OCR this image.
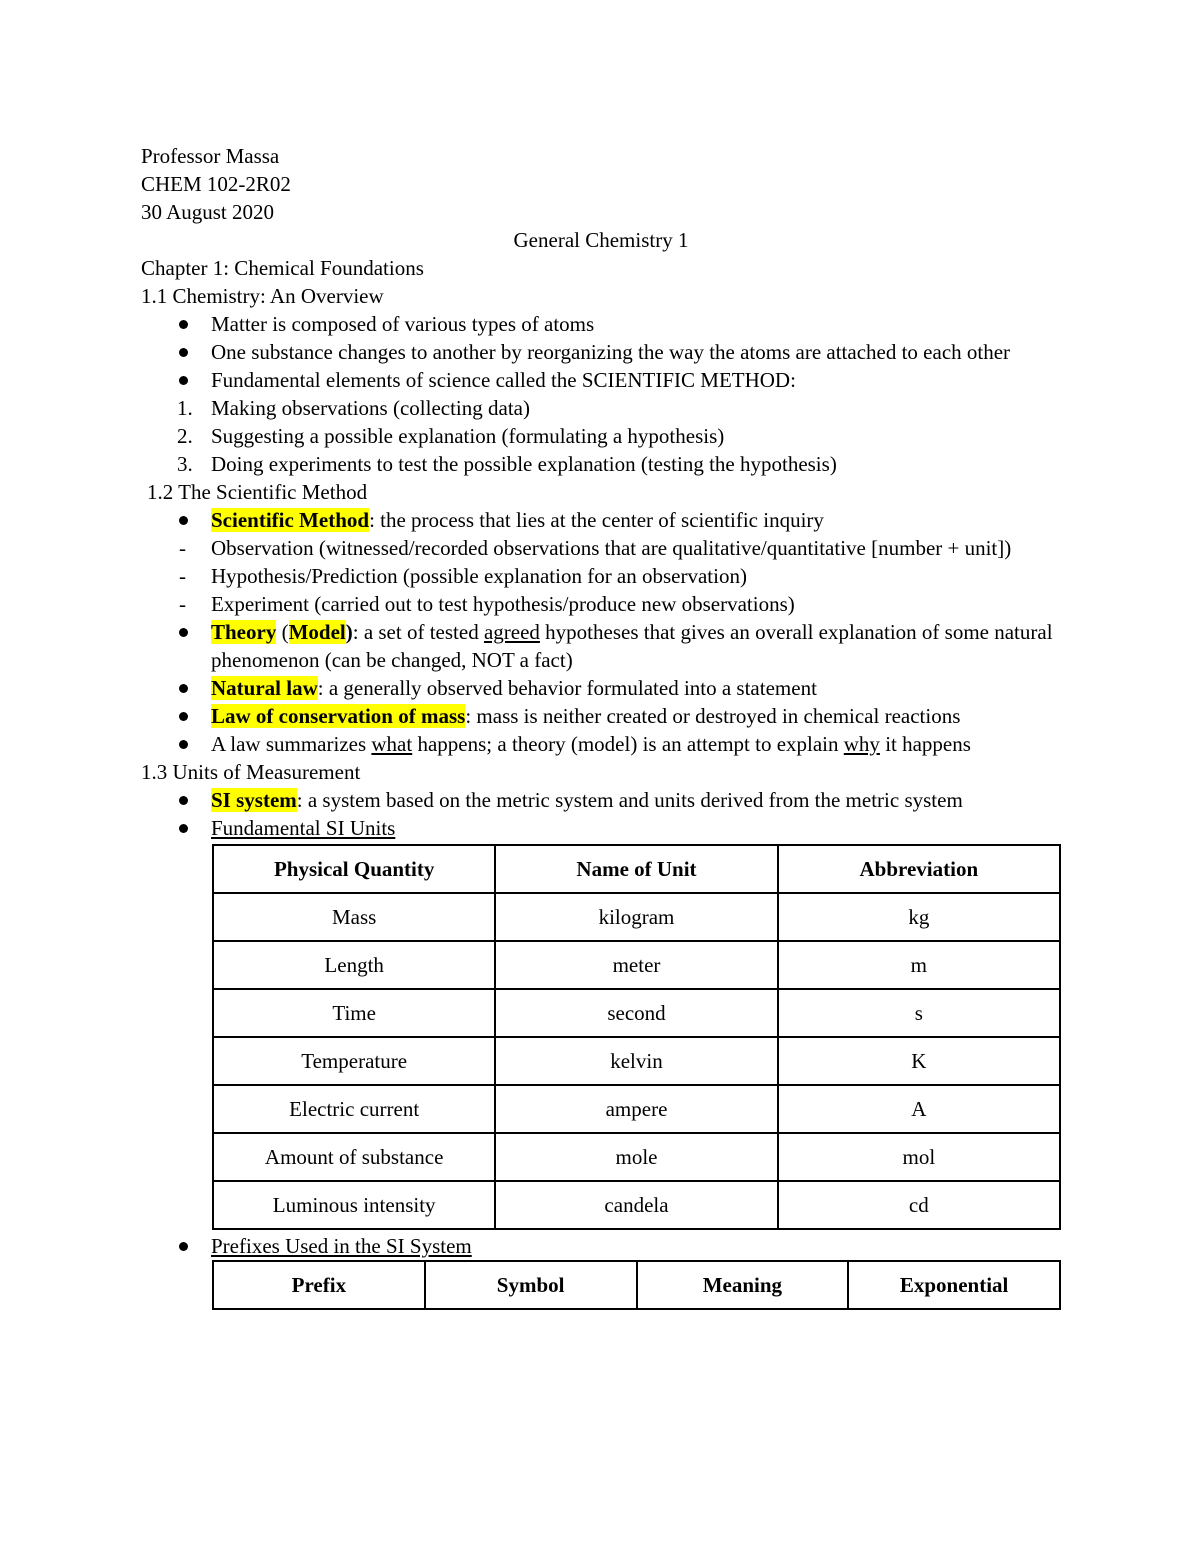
Professor Massa
CHEM 102-2R02
30 August 2020
General Chemistry 1
Chapter 1: Chemical Foundations
1.1 Chemistry: An Overview
Matter is composed of various types of atoms
One substance changes to another by reorganizing the way the atoms are attached to each other
Fundamental elements of science called the SCIENTIFIC METHOD:
1. Making observations (collecting data)
2. Suggesting a possible explanation (formulating a hypothesis)
3. Doing experiments to test the possible explanation (testing the hypothesis)
1.2 The Scientific Method
Scientific Method: the process that lies at the center of scientific inquiry
-	Observation (witnessed/recorded observations that are qualitative/quantitative [number + unit])
-	Hypothesis/Prediction (possible explanation for an observation)
-	Experiment (carried out to test hypothesis/produce new observations)
Theory (Model): a set of tested agreed hypotheses that gives an overall explanation of some natural phenomenon (can be changed, NOT a fact)
Natural law: a generally observed behavior formulated into a statement
Law of conservation of mass: mass is neither created or destroyed in chemical reactions
A law summarizes what happens; a theory (model) is an attempt to explain why it happens
1.3 Units of Measurement
SI system: a system based on the metric system and units derived from the metric system
Fundamental SI Units
Physical Quantity	Name of Unit	Abbreviation
Mass	kilogram	kg
Length	meter	m
Time	second	s
Temperature	kelvin	K
Electric current	ampere	A
Amount of substance	mole	mol
Luminous intensity	candela	cd
Prefixes Used in the SI System
Prefix	Symbol	Meaning	Exponential
